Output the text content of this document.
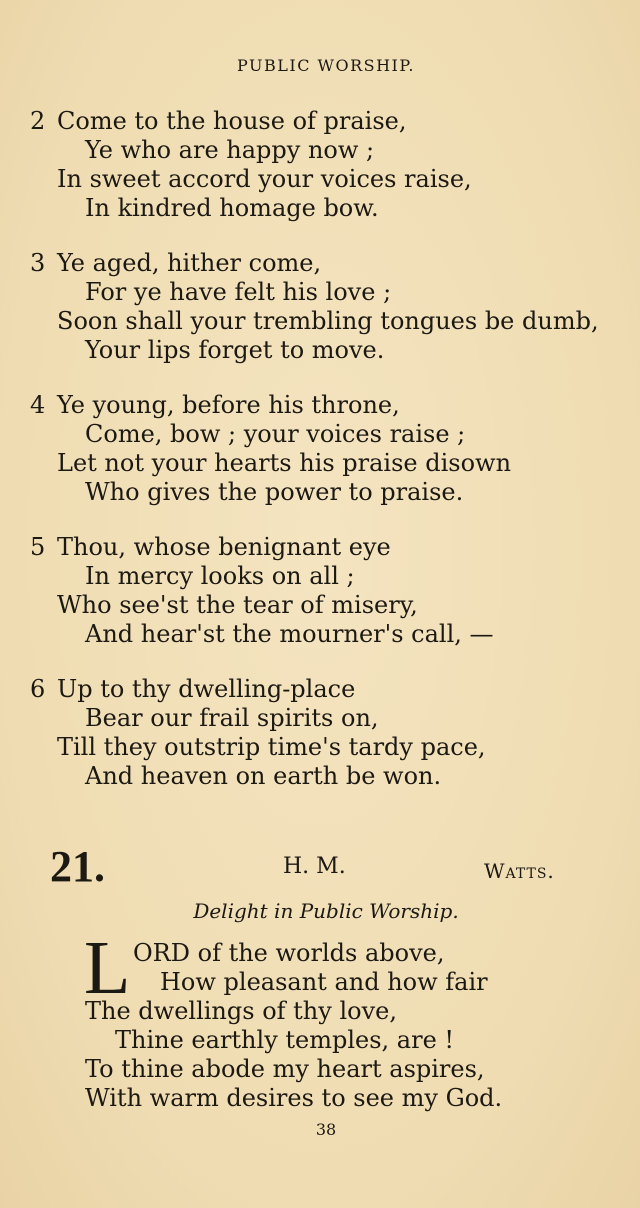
PUBLIC WORSHIP.
2 Come to the house of praise,
Ye who are happy now ;
In sweet accord your voices raise,
In kindred homage bow.
3 Ye aged, hither come,
For ye have felt his love ;
Soon shall your trembling tongues be dumb,
Your lips forget to move.
4 Ye young, before his throne,
Come, bow ; your voices raise ;
Let not your hearts his praise disown
Who gives the power to praise.
5 Thou, whose benignant eye
In mercy looks on all ;
Who see'st the tear of misery,
And hear'st the mourner's call, —
6 Up to thy dwelling-place
Bear our frail spirits on,
Till they outstrip time's tardy pace,
And heaven on earth be won.
21.	H. M.	Watts.
Delight in Public Worship.
L ORD of the worlds above,
How pleasant and how fair
The dwellings of thy love,
Thine earthly temples, are !
To thine abode my heart aspires,
With warm desires to see my God.
38
